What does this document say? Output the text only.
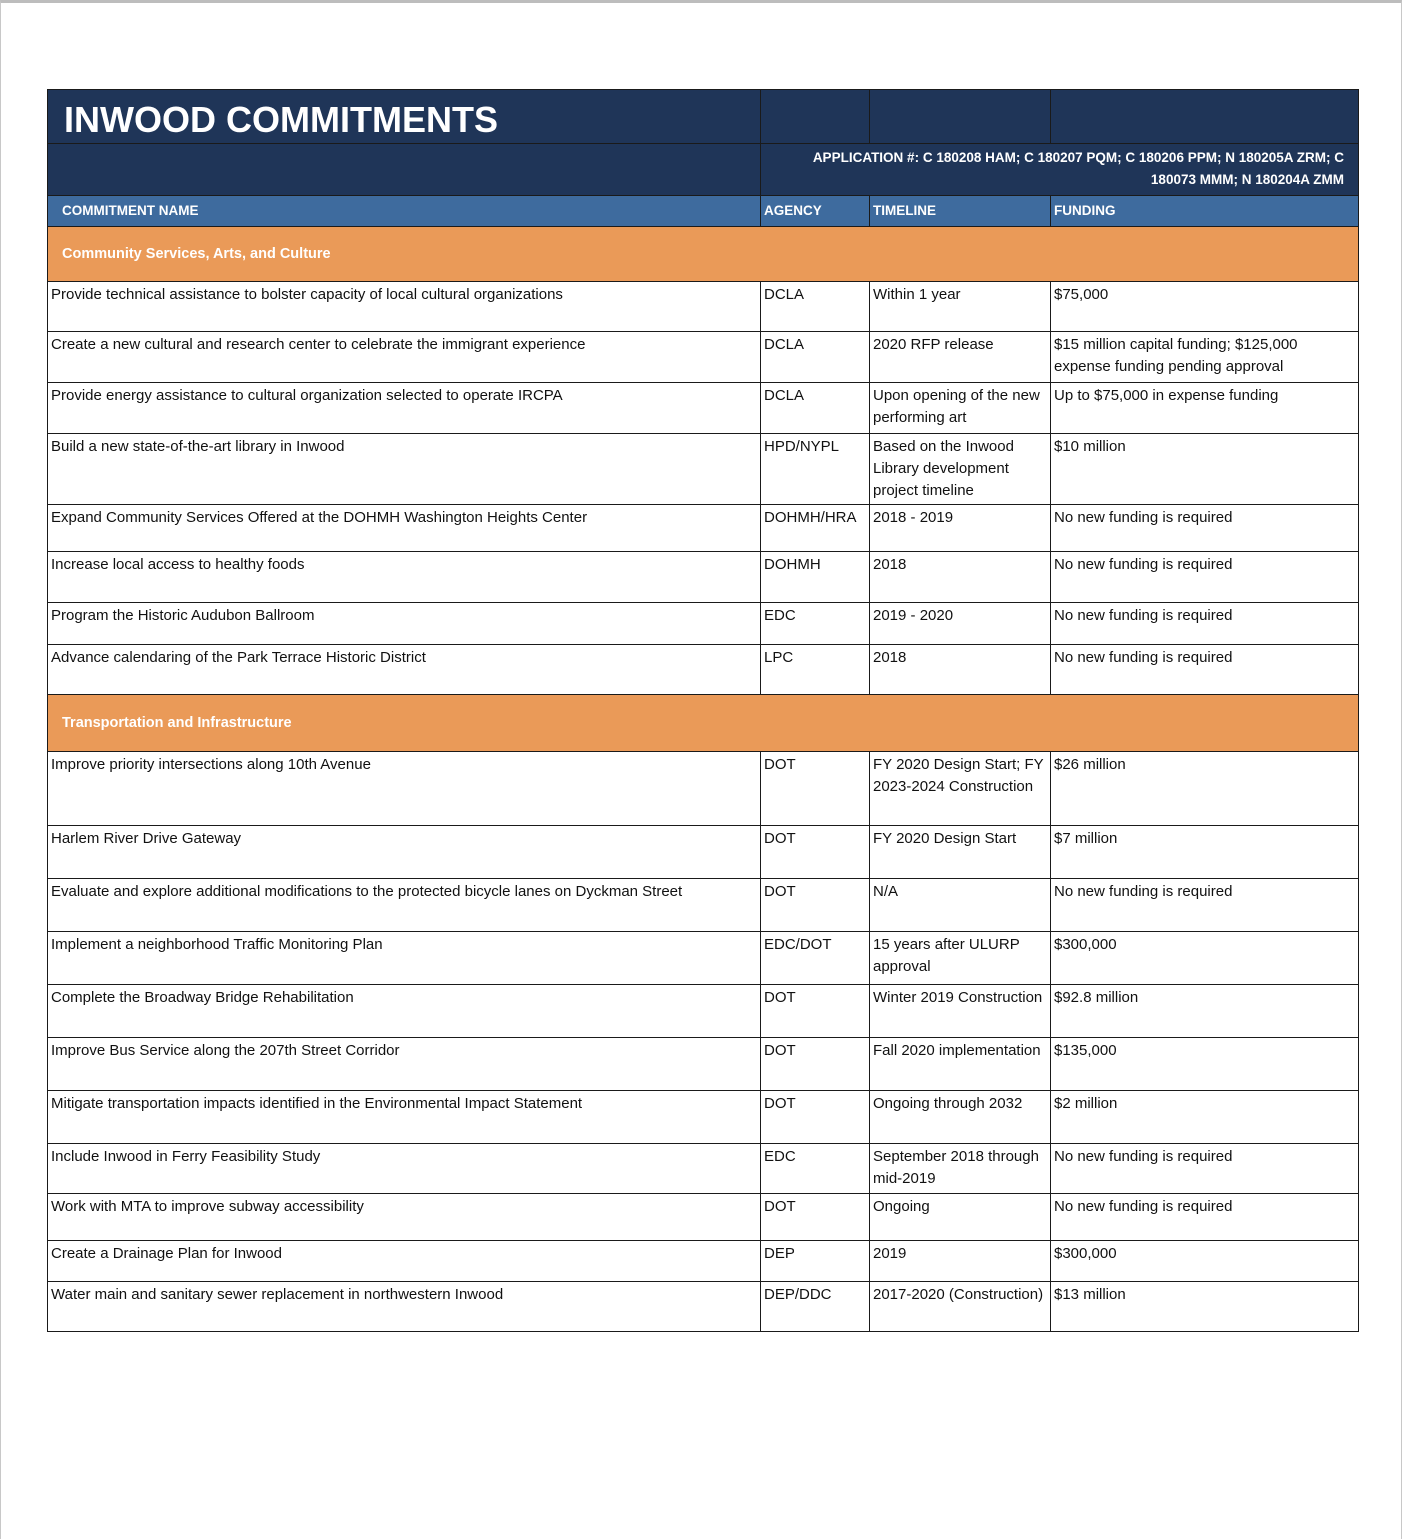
INWOOD COMMITMENTS			
	APPLICATION #: C 180208 HAM; C 180207 PQM; C 180206 PPM; N 180205A ZRM; C 180073 MMM; N 180204A ZMM		
COMMITMENT NAME	AGENCY	TIMELINE	FUNDING
Community Services, Arts, and Culture			
Provide technical assistance to bolster capacity of local cultural organizations	DCLA	Within 1 year	$75,000
Create a new cultural and research center to celebrate the immigrant experience	DCLA	2020 RFP release	$15 million capital funding; $125,000 expense funding pending approval
Provide energy assistance to cultural organization selected to operate IRCPA	DCLA	Upon opening of the new performing art	Up to $75,000 in expense funding
Build a new state-of-the-art library in Inwood	HPD/NYPL	Based on the Inwood Library development project timeline	$10 million
Expand Community Services Offered at the DOHMH Washington Heights Center	DOHMH/HRA	2018 - 2019	No new funding is required
Increase local access to healthy foods	DOHMH	2018	No new funding is required
Program the Historic Audubon Ballroom	EDC	2019 - 2020	No new funding is required
Advance calendaring of the Park Terrace Historic District	LPC	2018	No new funding is required
Transportation and Infrastructure			
Improve priority intersections along 10th Avenue	DOT	FY 2020 Design Start; FY 2023-2024 Construction	$26 million
Harlem River Drive Gateway	DOT	FY 2020 Design Start	$7 million
Evaluate and explore additional modifications to the protected bicycle lanes on Dyckman Street	DOT	N/A	No new funding is required
Implement a neighborhood Traffic Monitoring Plan	EDC/DOT	15 years after ULURP approval	$300,000
Complete the Broadway Bridge Rehabilitation	DOT	Winter 2019 Construction	$92.8 million
Improve Bus Service along the 207th Street Corridor	DOT	Fall 2020 implementation	$135,000
Mitigate transportation impacts identified in the Environmental Impact Statement	DOT	Ongoing through 2032	$2 million
Include Inwood in Ferry Feasibility Study	EDC	September 2018 through mid-2019	No new funding is required
Work with MTA to improve subway accessibility	DOT	Ongoing	No new funding is required
Create a Drainage Plan for Inwood	DEP	2019	$300,000
Water main and sanitary sewer replacement in northwestern Inwood	DEP/DDC	2017-2020 (Construction)	$13 million
